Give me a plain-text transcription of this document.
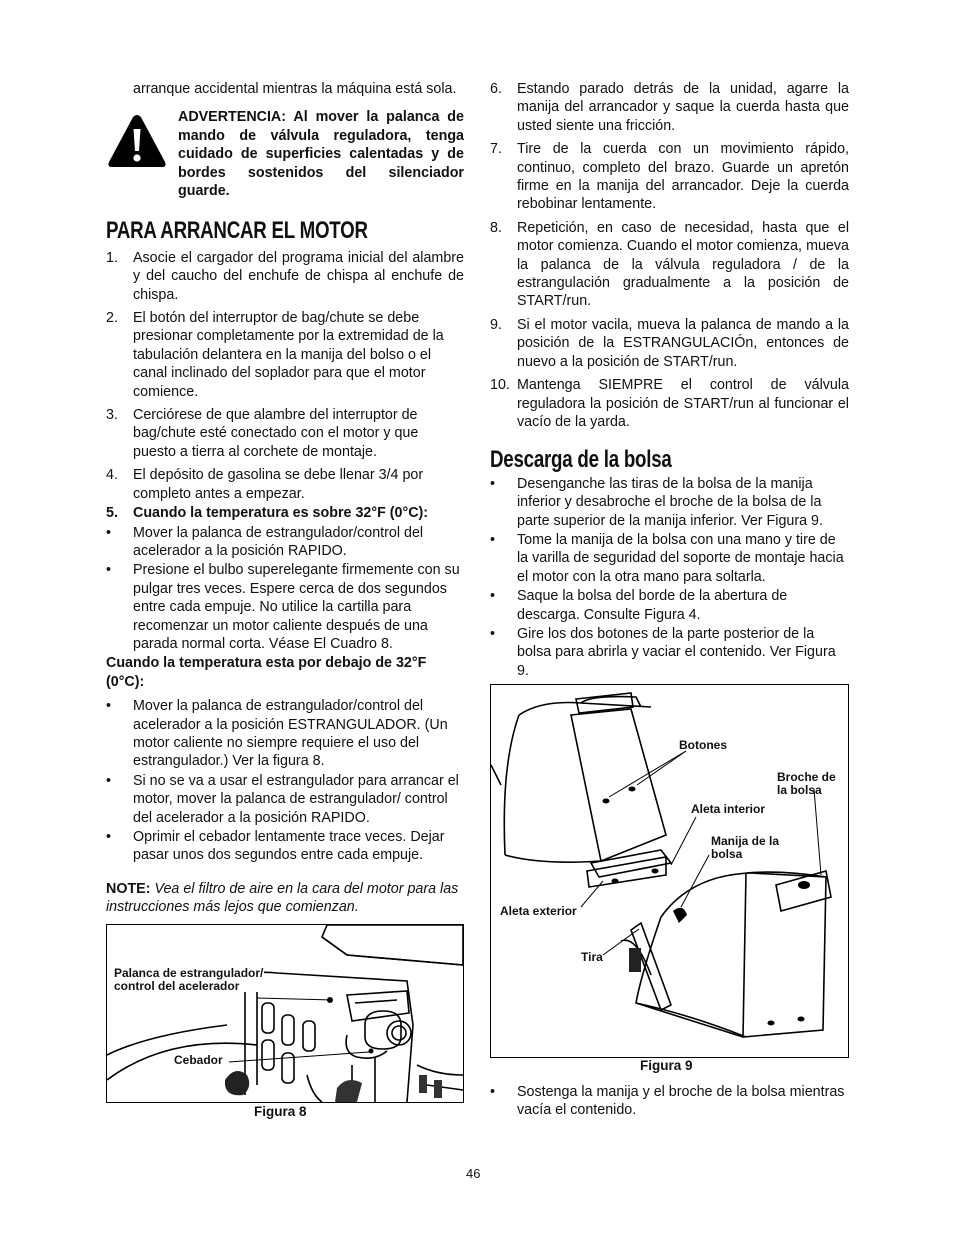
arranque accidental mientras la máquina está sola.

ADVERTENCIA: Al mover la palanca de mando de válvula reguladora, tenga cuidado de superficies calentadas y de bordes sostenidos del silenciador guarde.

PARA ARRANCAR EL MOTOR
1. Asocie el cargador del programa inicial del alambre y del caucho del enchufe de chispa al enchufe de chispa.

2. El botón del interruptor de bag/chute se debe presionar completamente por la extremidad de la tabulación delantera en la manija del bolso o el canal inclinado del soplador para que el motor comience.

3. Cerciórese de que alambre del interruptor de bag/chute esté conectado con el motor y que puesto a tierra al corchete de montaje.

4. El depósito de gasolina se debe llenar 3/4 por completo antes a empezar.

5. Cuando la temperatura es sobre 32°F (0°C):

• Mover la palanca de estrangulador/control del acelerador a la posición RAPIDO.

• Presione el bulbo superelegante firmemente con su pulgar tres veces. Espere cerca de dos segundos entre cada empuje. No utilice la cartilla para recomenzar un motor caliente después de una parada normal corta. Véase El Cuadro 8.

Cuando la temperatura esta por debajo de 32°F (0°C):

• Mover la palanca de estrangulador/control del acelerador a la posición ESTRANGULADOR. (Un motor caliente no siempre requiere el uso del estrangulador.) Ver la figura 8.

• Si no se va a usar el estrangulador para arrancar el motor, mover la palanca de estrangulador/ control del acelerador a la posición RAPIDO.

• Oprimir el cebador lentamente trace veces. Dejar pasar unos dos segundos entre cada empuje.

NOTE: Vea el filtro de aire en la cara del motor para las instrucciones más lejos que comienzan.

Palanca de estrangulador/ control del acelerador
Cebador
Figura 8
6. Estando parado detrás de la unidad, agarre la manija del arrancador y saque la cuerda hasta que usted siente una fricción.

7. Tire de la cuerda con un movimiento rápido, continuo, completo del brazo. Guarde un apretón firme en la manija del arrancador. Deje la cuerda rebobinar lentamente.

8. Repetición, en caso de necesidad, hasta que el motor comienza. Cuando el motor comienza, mueva la palanca de la válvula reguladora / de la estrangulación gradualmente a la posición de START/run.

9. Si el motor vacila, mueva la palanca de mando a la posición de la ESTRANGULACIÓn, entonces de nuevo a la posición de START/run.

10. Mantenga SIEMPRE el control de válvula reguladora la posición de START/run al funcionar el vacío de la yarda.

Descarga de la bolsa
• Desenganche las tiras de la bolsa de la manija inferior y desabroche el broche de la bolsa de la parte superior de la manija inferior. Ver Figura 9.

• Tome la manija de la bolsa con una mano y tire de la varilla de seguridad del soporte de montaje hacia el motor con la otra mano para soltarla.

• Saque la bolsa del borde de la abertura de descarga. Consulte Figura 4.

• Gire los dos botones de la parte posterior de la bolsa para abrirla y vaciar el contenido. Ver Figura 9.

Botones
Broche de la bolsa
Aleta interior
Manija de la bolsa
Aleta exterior
Tira
Figura 9
• Sostenga la manija y el broche de la bolsa mientras vacía el contenido.

46
